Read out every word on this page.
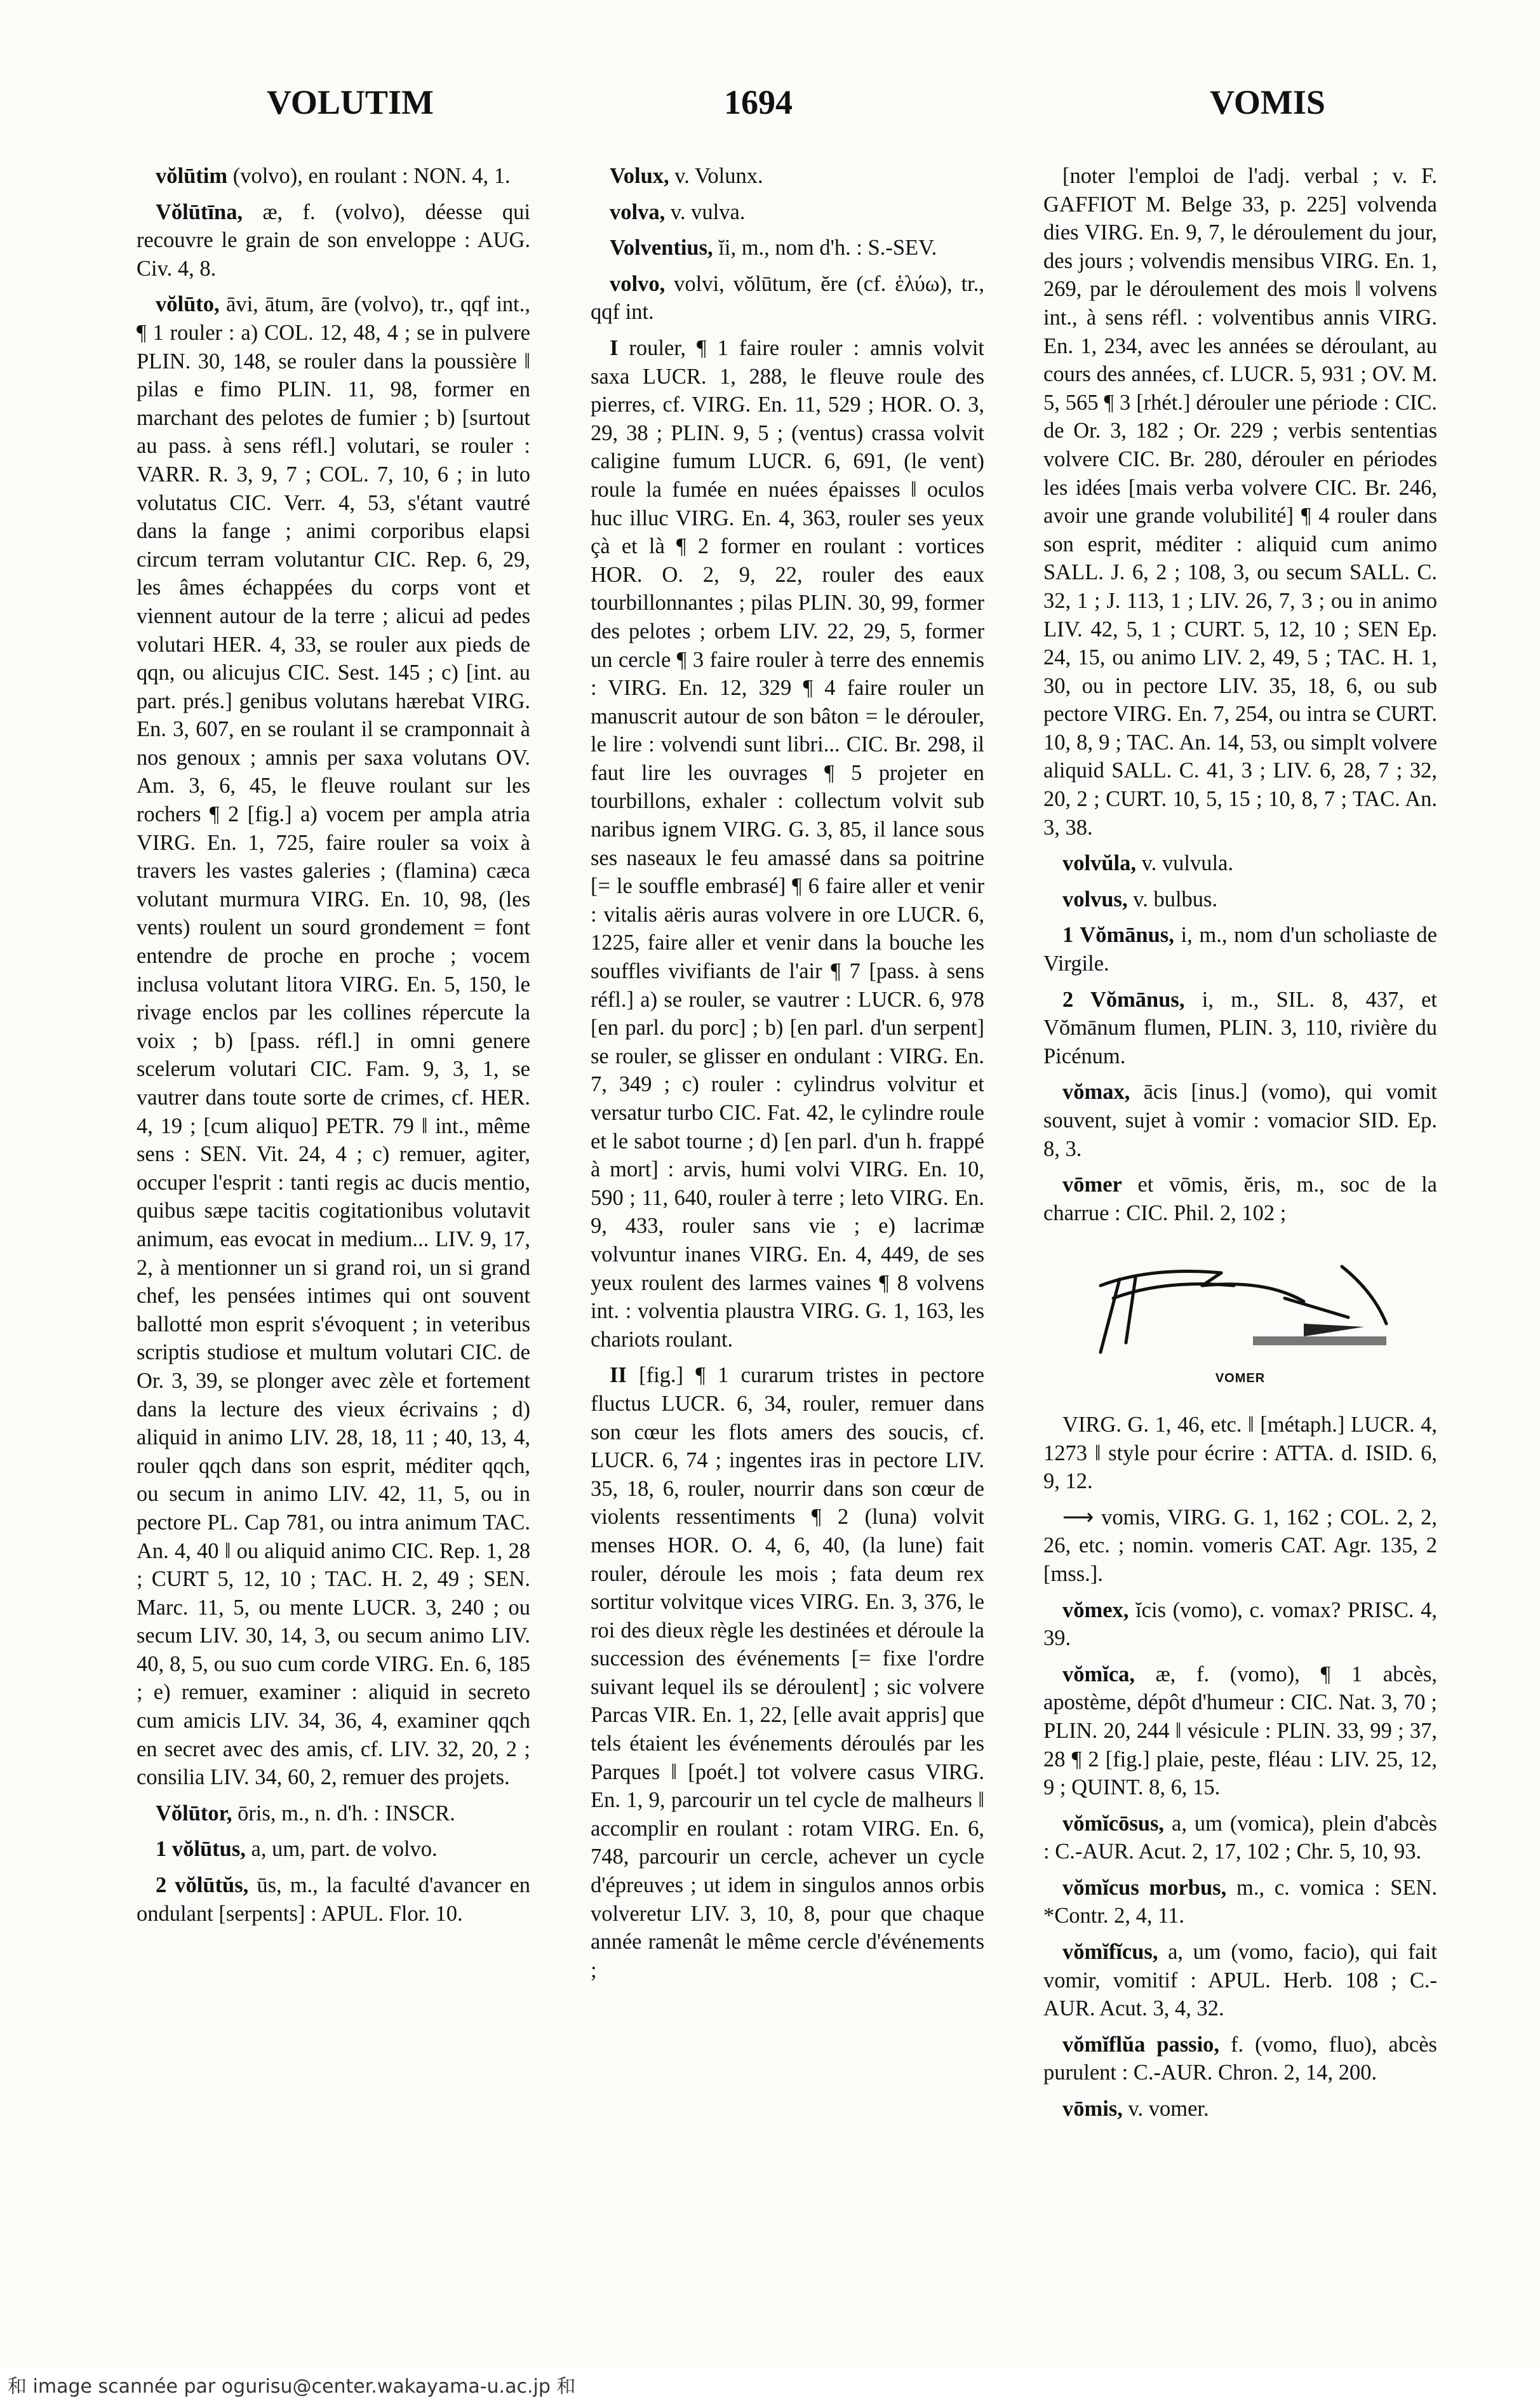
VOLUTIM	1694	VOMIS

vŏlūtim (volvo), en roulant : NON. 4, 1.

Vŏlūtīna, æ, f. (volvo), déesse qui recouvre le grain de son enveloppe : AUG. Civ. 4, 8.

vŏlūto, āvi, ātum, āre (volvo), tr., qqf int., ¶ 1 rouler : a) COL. 12, 48, 4 ; se in pulvere PLIN. 30, 148, se rouler dans la poussière ‖ pilas e fimo PLIN. 11, 98, former en marchant des pelotes de fumier ; b) [surtout au pass. à sens réfl.] volutari, se rouler : VARR. R. 3, 9, 7 ; COL. 7, 10, 6 ; in luto volutatus CIC. Verr. 4, 53, s'étant vautré dans la fange ; animi corporibus elapsi circum terram volutantur CIC. Rep. 6, 29, les âmes échappées du corps vont et viennent autour de la terre ; alicui ad pedes volutari HER. 4, 33, se rouler aux pieds de qqn, ou alicujus CIC. Sest. 145 ; c) [int. au part. prés.] genibus volutans hærebat VIRG. En. 3, 607, en se roulant il se cramponnait à nos genoux ; amnis per saxa volutans OV. Am. 3, 6, 45, le fleuve roulant sur les rochers ¶ 2 [fig.] a) vocem per ampla atria VIRG. En. 1, 725, faire rouler sa voix à travers les vastes galeries ; (flamina) cæca volutant murmura VIRG. En. 10, 98, (les vents) roulent un sourd grondement = font entendre de proche en proche ; vocem inclusa volutant litora VIRG. En. 5, 150, le rivage enclos par les collines répercute la voix ; b) [pass. réfl.] in omni genere scelerum volutari CIC. Fam. 9, 3, 1, se vautrer dans toute sorte de crimes, cf. HER. 4, 19 ; [cum aliquo] PETR. 79 ‖ int., même sens : SEN. Vit. 24, 4 ; c) remuer, agiter, occuper l'esprit : tanti regis ac ducis mentio, quibus sæpe tacitis cogitationibus volutavit animum, eas evocat in medium... LIV. 9, 17, 2, à mentionner un si grand roi, un si grand chef, les pensées intimes qui ont souvent ballotté mon esprit s'évoquent ; in veteribus scriptis studiose et multum volutari CIC. de Or. 3, 39, se plonger avec zèle et fortement dans la lecture des vieux écrivains ; d) aliquid in animo LIV. 28, 18, 11 ; 40, 13, 4, rouler qqch dans son esprit, méditer qqch, ou secum in animo LIV. 42, 11, 5, ou in pectore PL. Cap 781, ou intra animum TAC. An. 4, 40 ‖ ou aliquid animo CIC. Rep. 1, 28 ; CURT 5, 12, 10 ; TAC. H. 2, 49 ; SEN. Marc. 11, 5, ou mente LUCR. 3, 240 ; ou secum LIV. 30, 14, 3, ou secum animo LIV. 40, 8, 5, ou suo cum corde VIRG. En. 6, 185 ; e) remuer, examiner : aliquid in secreto cum amicis LIV. 34, 36, 4, examiner qqch en secret avec des amis, cf. LIV. 32, 20, 2 ; consilia LIV. 34, 60, 2, remuer des projets.

Vŏlūtor, ōris, m., n. d'h. : INSCR.

1 vŏlūtus, a, um, part. de volvo.

2 vŏlūtŭs, ūs, m., la faculté d'avancer en ondulant [serpents] : APUL. Flor. 10.

Volux, v. Volunx.

volva, v. vulva.

Volventius, ĭi, m., nom d'h. : S.-SEV.

volvo, volvi, vŏlūtum, ĕre (cf. ἑλύω), tr., qqf int.

I rouler, ¶ 1 faire rouler : amnis volvit saxa LUCR. 1, 288, le fleuve roule des pierres, cf. VIRG. En. 11, 529 ; HOR. O. 3, 29, 38 ; PLIN. 9, 5 ; (ventus) crassa volvit caligine fumum LUCR. 6, 691, (le vent) roule la fumée en nuées épaisses ‖ oculos huc illuc VIRG. En. 4, 363, rouler ses yeux çà et là ¶ 2 former en roulant : vortices HOR. O. 2, 9, 22, rouler des eaux tourbillonnantes ; pilas PLIN. 30, 99, former des pelotes ; orbem LIV. 22, 29, 5, former un cercle ¶ 3 faire rouler à terre des ennemis : VIRG. En. 12, 329 ¶ 4 faire rouler un manuscrit autour de son bâton = le dérouler, le lire : volvendi sunt libri... CIC. Br. 298, il faut lire les ouvrages ¶ 5 projeter en tourbillons, exhaler : collectum volvit sub naribus ignem VIRG. G. 3, 85, il lance sous ses naseaux le feu amassé dans sa poitrine [= le souffle embrasé] ¶ 6 faire aller et venir : vitalis aëris auras volvere in ore LUCR. 6, 1225, faire aller et venir dans la bouche les souffles vivifiants de l'air ¶ 7 [pass. à sens réfl.] a) se rouler, se vautrer : LUCR. 6, 978 [en parl. du porc] ; b) [en parl. d'un serpent] se rouler, se glisser en ondulant : VIRG. En. 7, 349 ; c) rouler : cylindrus volvitur et versatur turbo CIC. Fat. 42, le cylindre roule et le sabot tourne ; d) [en parl. d'un h. frappé à mort] : arvis, humi volvi VIRG. En. 10, 590 ; 11, 640, rouler à terre ; leto VIRG. En. 9, 433, rouler sans vie ; e) lacrimæ volvuntur inanes VIRG. En. 4, 449, de ses yeux roulent des larmes vaines ¶ 8 volvens int. : volventia plaustra VIRG. G. 1, 163, les chariots roulant.

II [fig.] ¶ 1 curarum tristes in pectore fluctus LUCR. 6, 34, rouler, remuer dans son cœur les flots amers des soucis, cf. LUCR. 6, 74 ; ingentes iras in pectore LIV. 35, 18, 6, rouler, nourrir dans son cœur de violents ressentiments ¶ 2 (luna) volvit menses HOR. O. 4, 6, 40, (la lune) fait rouler, déroule les mois ; fata deum rex sortitur volvitque vices VIRG. En. 3, 376, le roi des dieux règle les destinées et déroule la succession des événements [= fixe l'ordre suivant lequel ils se déroulent] ; sic volvere Parcas VIR. En. 1, 22, [elle avait appris] que tels étaient les événements déroulés par les Parques ‖ [poét.] tot volvere casus VIRG. En. 1, 9, parcourir un tel cycle de malheurs ‖ accomplir en roulant : rotam VIRG. En. 6, 748, parcourir un cercle, achever un cycle d'épreuves ; ut idem in singulos annos orbis volveretur LIV. 3, 10, 8, pour que chaque année ramenât le même cercle d'événements ;

[noter l'emploi de l'adj. verbal ; v. F. GAFFIOT M. Belge 33, p. 225] volvenda dies VIRG. En. 9, 7, le déroulement du jour, des jours ; volvendis mensibus VIRG. En. 1, 269, par le déroulement des mois ‖ volvens int., à sens réfl. : volventibus annis VIRG. En. 1, 234, avec les années se déroulant, au cours des années, cf. LUCR. 5, 931 ; OV. M. 5, 565 ¶ 3 [rhét.] dérouler une période : CIC. de Or. 3, 182 ; Or. 229 ; verbis sententias volvere CIC. Br. 280, dérouler en périodes les idées [mais verba volvere CIC. Br. 246, avoir une grande volubilité] ¶ 4 rouler dans son esprit, méditer : aliquid cum animo SALL. J. 6, 2 ; 108, 3, ou secum SALL. C. 32, 1 ; J. 113, 1 ; LIV. 26, 7, 3 ; ou in animo LIV. 42, 5, 1 ; CURT. 5, 12, 10 ; SEN Ep. 24, 15, ou animo LIV. 2, 49, 5 ; TAC. H. 1, 30, ou in pectore LIV. 35, 18, 6, ou sub pectore VIRG. En. 7, 254, ou intra se CURT. 10, 8, 9 ; TAC. An. 14, 53, ou simplt volvere aliquid SALL. C. 41, 3 ; LIV. 6, 28, 7 ; 32, 20, 2 ; CURT. 10, 5, 15 ; 10, 8, 7 ; TAC. An. 3, 38.

volvŭla, v. vulvula.

volvus, v. bulbus.

1 Vŏmānus, i, m., nom d'un scholiaste de Virgile.

2 Vŏmānus, i, m., SIL. 8, 437, et Vŏmānum flumen, PLIN. 3, 110, rivière du Picénum.

vŏmax, ācis [inus.] (vomo), qui vomit souvent, sujet à vomir : vomacior SID. Ep. 8, 3.

vōmer et vōmis, ĕris, m., soc de la charrue : CIC. Phil. 2, 102 ;

VOMER

VIRG. G. 1, 46, etc. ‖ [métaph.] LUCR. 4, 1273 ‖ style pour écrire : ATTA. d. ISID. 6, 9, 12.

⟶ vomis, VIRG. G. 1, 162 ; COL. 2, 2, 26, etc. ; nomin. vomeris CAT. Agr. 135, 2 [mss.].

vŏmex, ĭcis (vomo), c. vomax? PRISC. 4, 39.

vŏmĭca, æ, f. (vomo), ¶ 1 abcès, apostème, dépôt d'humeur : CIC. Nat. 3, 70 ; PLIN. 20, 244 ‖ vésicule : PLIN. 33, 99 ; 37, 28 ¶ 2 [fig.] plaie, peste, fléau : LIV. 25, 12, 9 ; QUINT. 8, 6, 15.

vŏmĭcōsus, a, um (vomica), plein d'abcès : C.-AUR. Acut. 2, 17, 102 ; Chr. 5, 10, 93.

vŏmĭcus morbus, m., c. vomica : SEN. *Contr. 2, 4, 11.

vŏmĭfĭcus, a, um (vomo, facio), qui fait vomir, vomitif : APUL. Herb. 108 ; C.-AUR. Acut. 3, 4, 32.

vŏmĭflŭa passio, f. (vomo, fluo), abcès purulent : C.-AUR. Chron. 2, 14, 200.

vōmis, v. vomer.

和 image scannée par ogurisu@center.wakayama-u.ac.jp 和
